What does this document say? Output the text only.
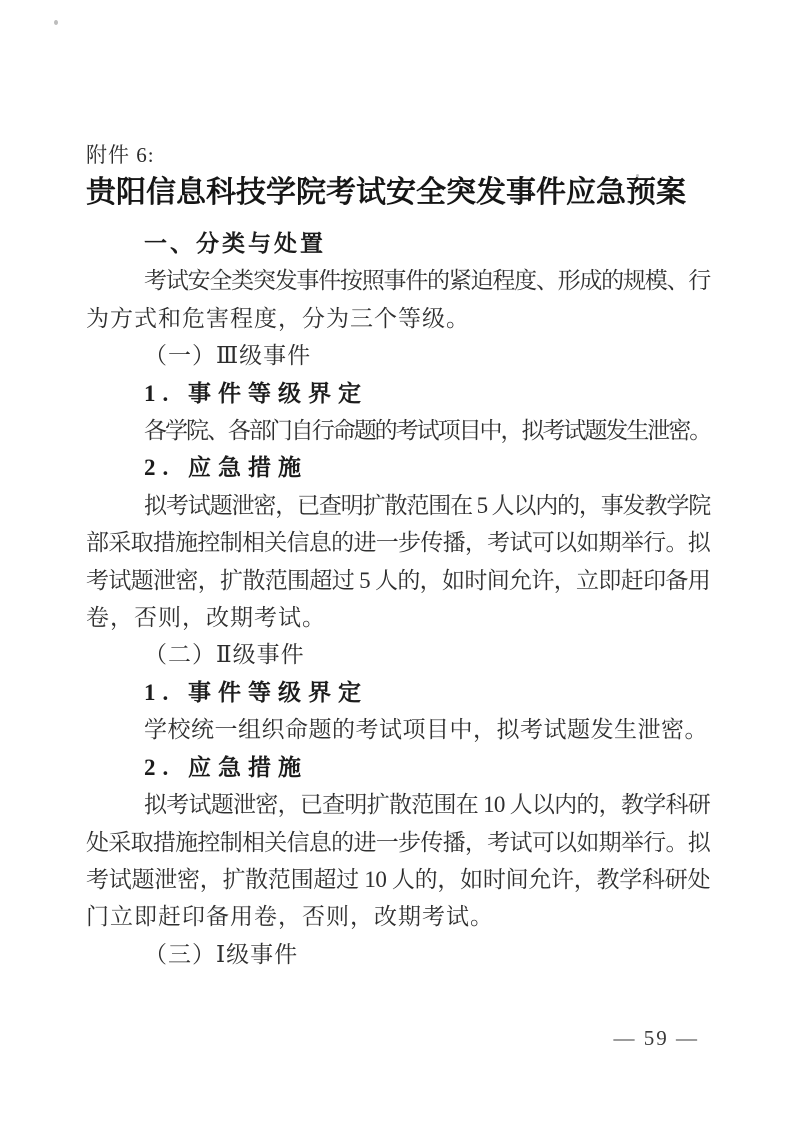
附件 6:
贵阳信息科技学院考试安全突发事件应急预案
一、分类与处置
考试安全类突发事件按照事件的紧迫程度、形成的规模、行
为方式和危害程度，分为三个等级。
（一）Ⅲ级事件
1. 事件等级界定
各学院、各部门自行命题的考试项目中，拟考试题发生泄密。
2. 应急措施
拟考试题泄密，已查明扩散范围在 5 人以内的，事发教学院
部采取措施控制相关信息的进一步传播，考试可以如期举行。拟
考试题泄密，扩散范围超过 5 人的，如时间允许，立即赶印备用
卷，否则，改期考试。
（二）Ⅱ级事件
1. 事件等级界定
学校统一组织命题的考试项目中，拟考试题发生泄密。
2. 应急措施
拟考试题泄密，已查明扩散范围在 10 人以内的，教学科研
处采取措施控制相关信息的进一步传播，考试可以如期举行。拟
考试题泄密，扩散范围超过 10 人的，如时间允许，教学科研处
门立即赶印备用卷，否则，改期考试。
（三）Ⅰ级事件
— 59 —
